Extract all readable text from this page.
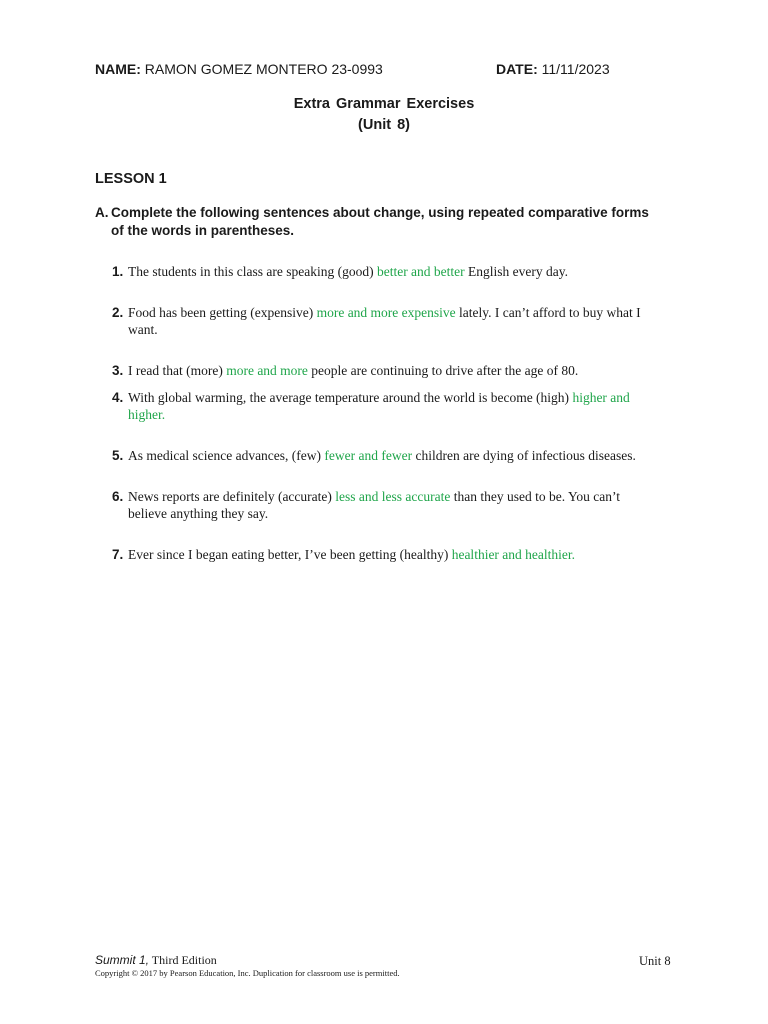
NAME: RAMON GOMEZ MONTERO 23-0993	DATE: 11/11/2023
Extra Grammar Exercises
(Unit 8)
LESSON 1
A. Complete the following sentences about change, using repeated comparative forms of the words in parentheses.
1. The students in this class are speaking (good) better and better English every day.
2. Food has been getting (expensive) more and more expensive lately. I can’t afford to buy what I want.
3. I read that (more) more and more people are continuing to drive after the age of 80.
4. With global warming, the average temperature around the world is become (high) higher and higher.
5. As medical science advances, (few) fewer and fewer children are dying of infectious diseases.
6. News reports are definitely (accurate) less and less accurate than they used to be. You can’t believe anything they say.
7. Ever since I began eating better, I’ve been getting (healthy) healthier and healthier.
Summit 1, Third Edition	Unit 8
Copyright © 2017 by Pearson Education, Inc. Duplication for classroom use is permitted.
